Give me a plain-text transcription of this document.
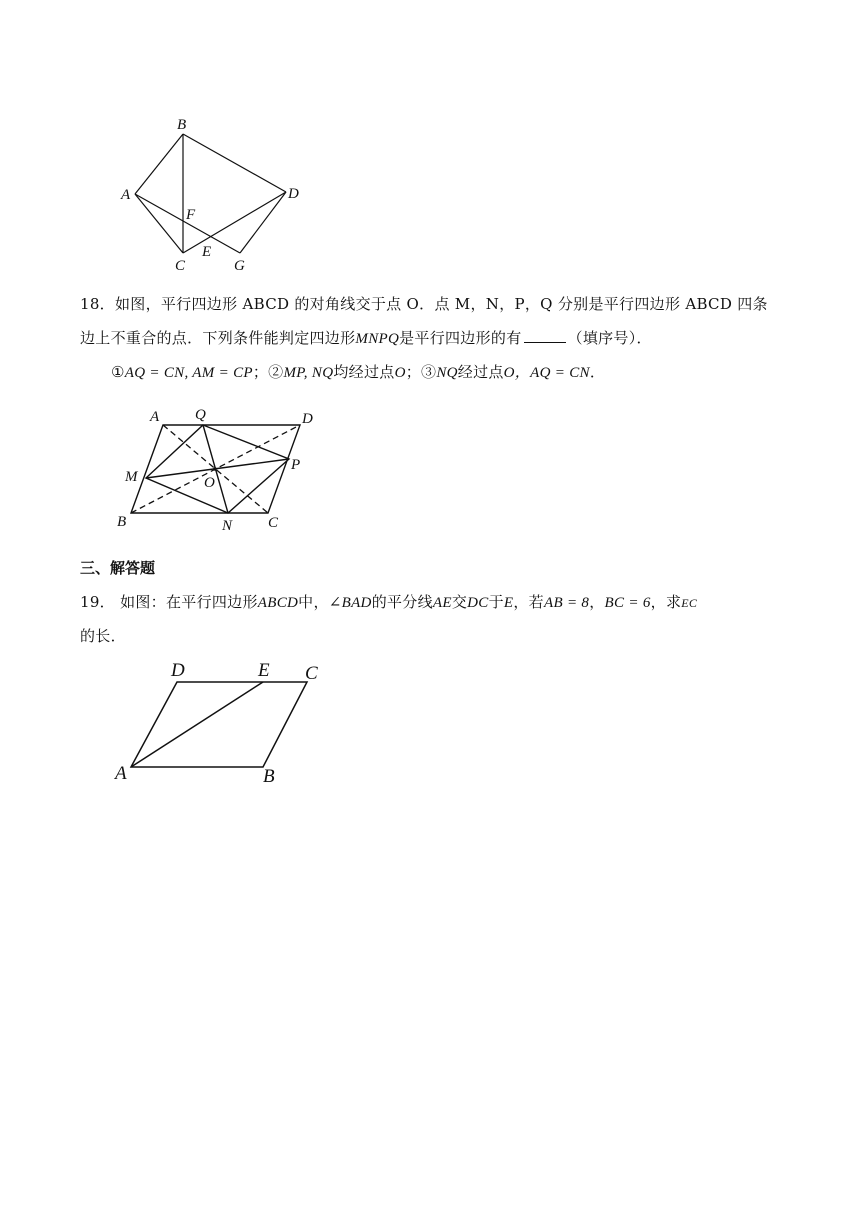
B
A	D
F
E
C	G
18．如图，平行四边形 ABCD 的对角线交于点 O．点 M，N，P，Q 分别是平行四边形 ABCD 四条
边上不重合的点．下列条件能判定四边形MNPQ是平行四边形的有	（填序号）．
①AQ = CN, AM = CP；②MP, NQ均经过点O；③NQ经过点O，AQ = CN．
A Q	D
M	O
P
B	N C
三、解答题
19． 如图：在平行四边形ABCD中，∠BAD的平分线AE交DC于E，若AB = 8，BC = 6，求EC
的长．
D	E C
A	B
